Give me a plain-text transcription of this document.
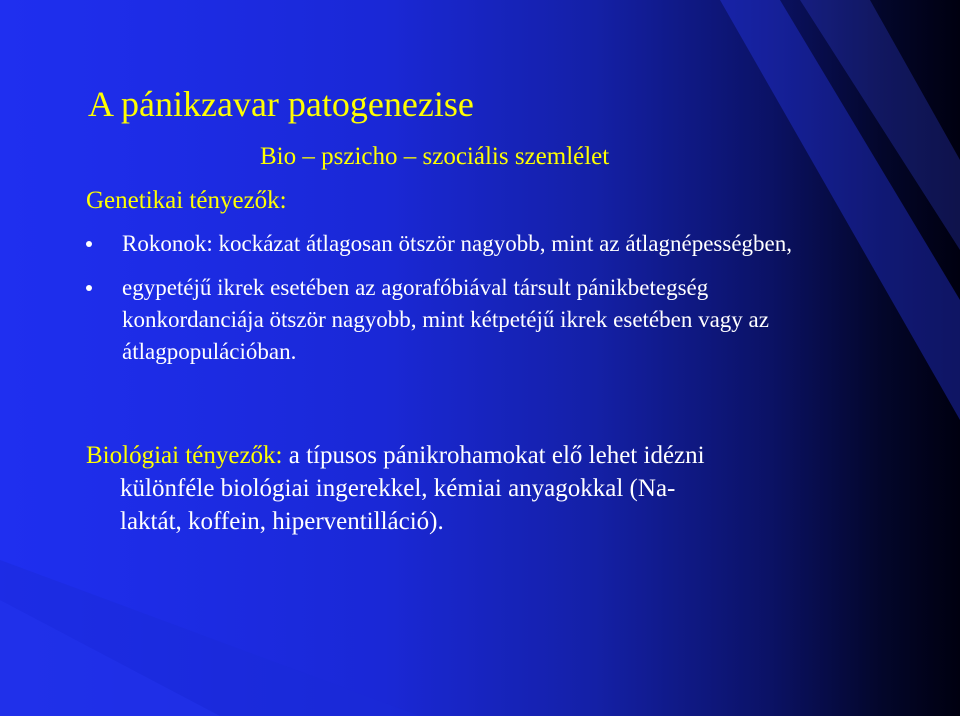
A pánikzavar patogenezise
Bio – pszicho – szociális szemlélet
Genetikai tényezők:
Rokonok: kockázat átlagosan ötször nagyobb, mint az átlagnépességben,
egypetéjű ikrek esetében az agorafóbiával társult pánikbetegség konkordanciája ötször nagyobb, mint kétpetéjű ikrek esetében vagy az átlagpopulációban.

Biológiai tényezők: a típusos pánikrohamokat elő lehet idézni
különféle biológiai ingerekkel, kémiai anyagokkal (Na-
laktát, koffein, hiperventilláció).
